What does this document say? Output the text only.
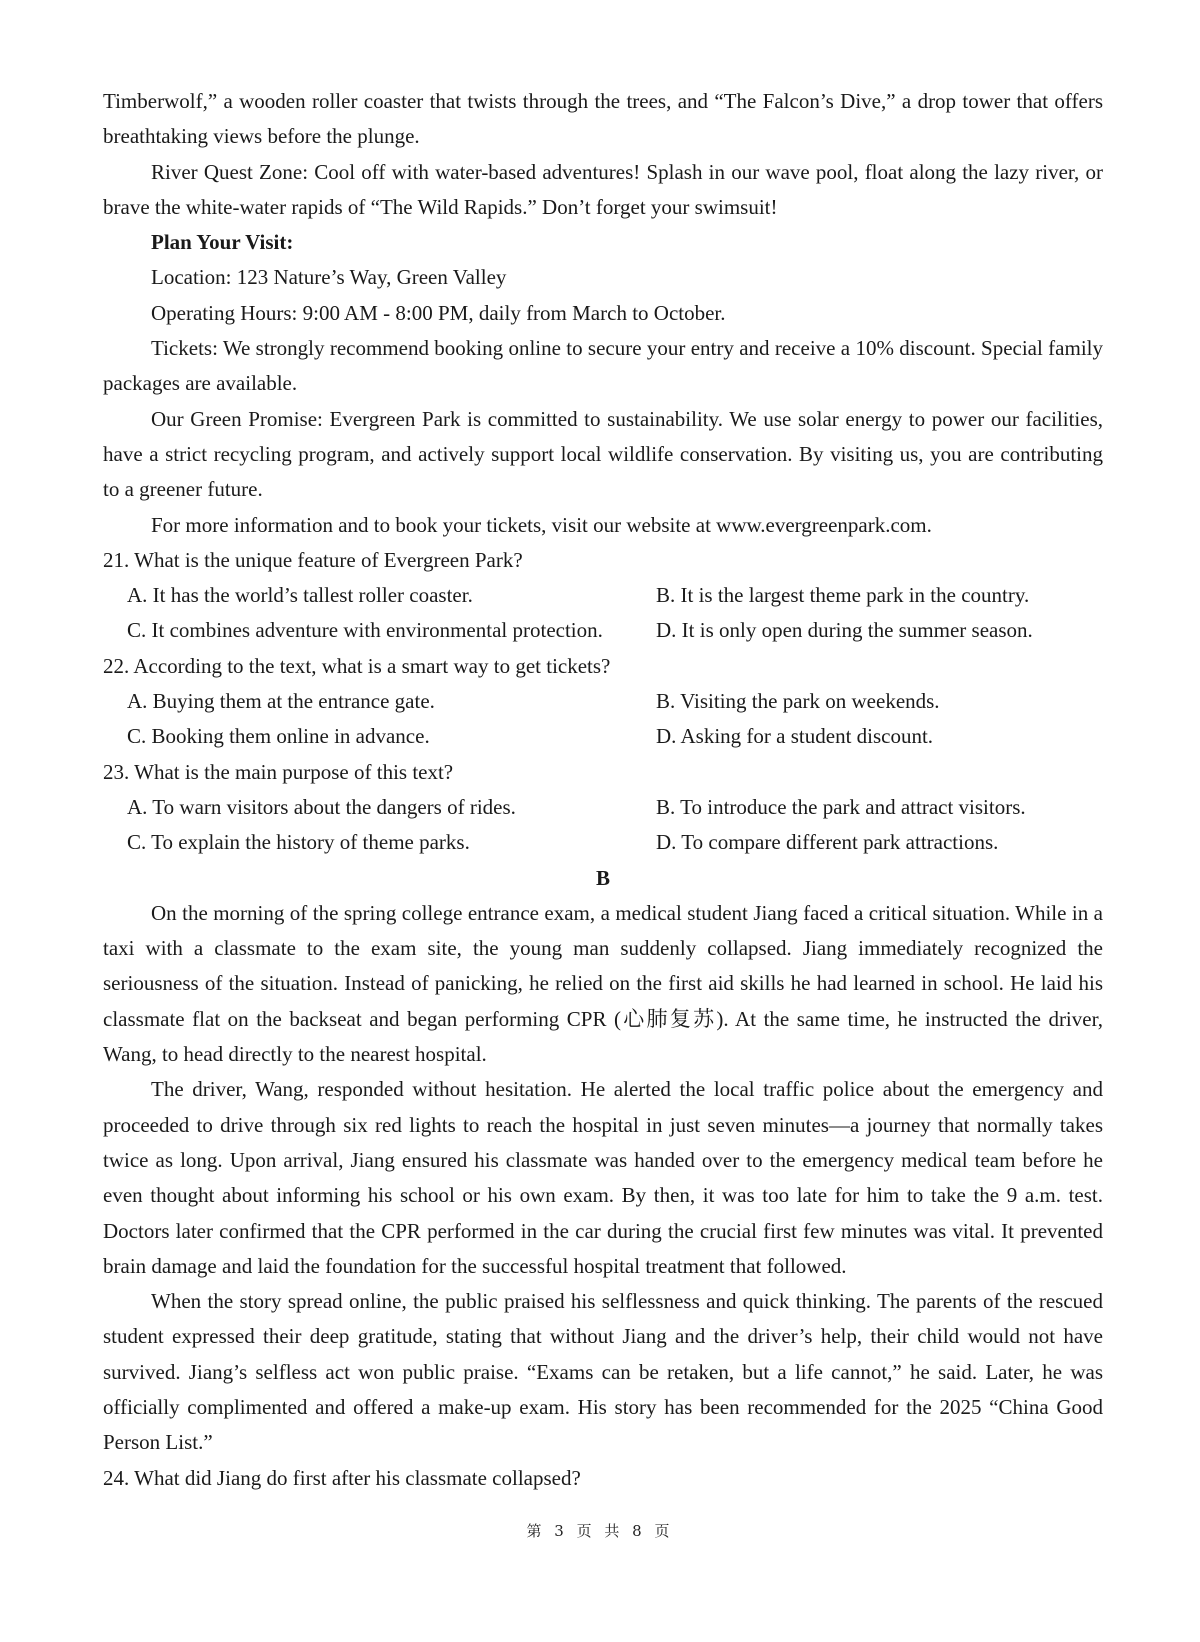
Timberwolf,” a wooden roller coaster that twists through the trees, and “The Falcon’s Dive,” a drop tower that offers breathtaking views before the plunge.

River Quest Zone: Cool off with water-based adventures! Splash in our wave pool, float along the lazy river, or brave the white-water rapids of “The Wild Rapids.” Don’t forget your swimsuit!

Plan Your Visit:

Location: 123 Nature’s Way, Green Valley

Operating Hours: 9:00 AM - 8:00 PM, daily from March to October.

Tickets: We strongly recommend booking online to secure your entry and receive a 10% discount. Special family packages are available.

Our Green Promise: Evergreen Park is committed to sustainability. We use solar energy to power our facilities, have a strict recycling program, and actively support local wildlife conservation. By visiting us, you are contributing to a greener future.

For more information and to book your tickets, visit our website at www.evergreenpark.com.

21. What is the unique feature of Evergreen Park?

A. It has the world’s tallest roller coaster.	B. It is the largest theme park in the country.
C. It combines adventure with environmental protection.	D. It is only open during the summer season.

22. According to the text, what is a smart way to get tickets?

A. Buying them at the entrance gate.	B. Visiting the park on weekends.
C. Booking them online in advance.	D. Asking for a student discount.

23. What is the main purpose of this text?

A. To warn visitors about the dangers of rides.	B. To introduce the park and attract visitors.
C. To explain the history of theme parks.	D. To compare different park attractions.

B

On the morning of the spring college entrance exam, a medical student Jiang faced a critical situation. While in a taxi with a classmate to the exam site, the young man suddenly collapsed. Jiang immediately recognized the seriousness of the situation. Instead of panicking, he relied on the first aid skills he had learned in school. He laid his classmate flat on the backseat and began performing CPR (心肺复苏). At the same time, he instructed the driver, Wang, to head directly to the nearest hospital.

The driver, Wang, responded without hesitation. He alerted the local traffic police about the emergency and proceeded to drive through six red lights to reach the hospital in just seven minutes—a journey that normally takes twice as long. Upon arrival, Jiang ensured his classmate was handed over to the emergency medical team before he even thought about informing his school or his own exam. By then, it was too late for him to take the 9 a.m. test. Doctors later confirmed that the CPR performed in the car during the crucial first few minutes was vital. It prevented brain damage and laid the foundation for the successful hospital treatment that followed.

When the story spread online, the public praised his selflessness and quick thinking. The parents of the rescued student expressed their deep gratitude, stating that without Jiang and the driver’s help, their child would not have survived. Jiang’s selfless act won public praise. “Exams can be retaken, but a life cannot,” he said. Later, he was officially complimented and offered a make-up exam. His story has been recommended for the 2025 “China Good Person List.”

24. What did Jiang do first after his classmate collapsed?

第 3 页 共 8 页
